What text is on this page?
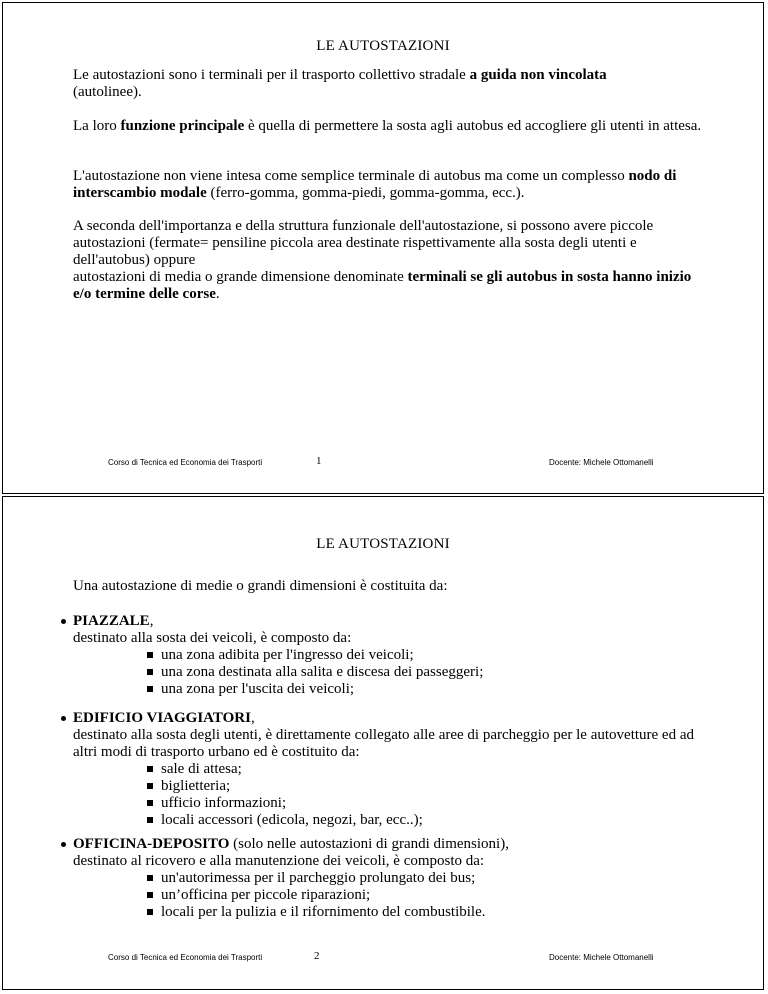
LE AUTOSTAZIONI

Le autostazioni sono i terminali per il trasporto collettivo stradale a guida non vincolata
(autolinee).

La loro funzione principale è quella di permettere la sosta agli autobus ed accogliere gli utenti in attesa.

L'autostazione non viene intesa come semplice terminale di autobus ma come un complesso nodo di interscambio modale (ferro-gomma, gomma-piedi, gomma-gomma, ecc.).

A seconda dell'importanza e della struttura funzionale dell'autostazione, si possono avere piccole autostazioni (fermate= pensiline piccola area destinate rispettivamente alla sosta degli utenti e dell'autobus) oppure
autostazioni di media o grande dimensione denominate terminali se gli autobus in sosta hanno inizio e/o termine delle corse.

Corso di Tecnica ed Economia dei Trasporti	1	Docente: Michele Ottomanelli
LE AUTOSTAZIONI

Una autostazione di medie o grandi dimensioni è costituita da:

PIAZZALE,
destinato alla sosta dei veicoli, è composto da:
una zona adibita per l'ingresso dei veicoli;
una zona destinata alla salita e discesa dei passeggeri;
una zona per l'uscita dei veicoli;
EDIFICIO VIAGGIATORI,
destinato alla sosta degli utenti, è direttamente collegato alle aree di parcheggio per le autovetture ed ad altri modi di trasporto urbano ed è costituito da:
sale di attesa;
biglietteria;
ufficio informazioni;
locali accessori (edicola, negozi, bar, ecc..);
OFFICINA-DEPOSITO (solo nelle autostazioni di grandi dimensioni),
destinato al ricovero e alla manutenzione dei veicoli, è composto da:
un'autorimessa per il parcheggio prolungato dei bus;
un’officina per piccole riparazioni;
locali per la pulizia e il rifornimento del combustibile.
Corso di Tecnica ed Economia dei Trasporti	2	Docente: Michele Ottomanelli
